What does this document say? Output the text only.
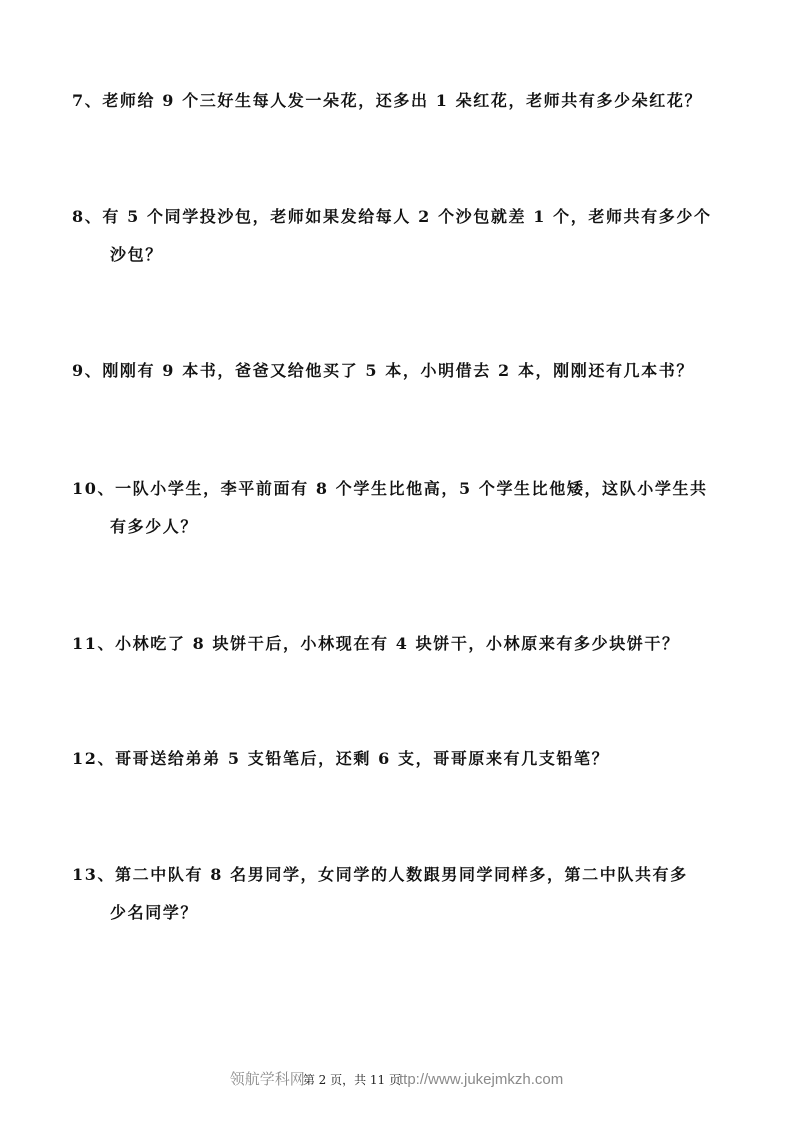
7、老师给 9 个三好生每人发一朵花，还多出 1 朵红花，老师共有多少朵红花？
8、有 5 个同学投沙包，老师如果发给每人 2 个沙包就差 1 个，老师共有多少个
沙包？
9、刚刚有 9 本书，爸爸又给他买了 5 本，小明借去 2 本，刚刚还有几本书？
10、一队小学生，李平前面有 8 个学生比他高，5 个学生比他矮，这队小学生共
有多少人？
11、小林吃了 8 块饼干后，小林现在有 4 块饼干，小林原来有多少块饼干？
12、哥哥送给弟弟 5 支铅笔后，还剩 6 支，哥哥原来有几支铅笔？
13、第二中队有 8 名男同学，女同学的人数跟男同学同样多，第二中队共有多
少名同学？
领航学科网第 2 页，共 11 页ttp://www.jukejmkzh.com
